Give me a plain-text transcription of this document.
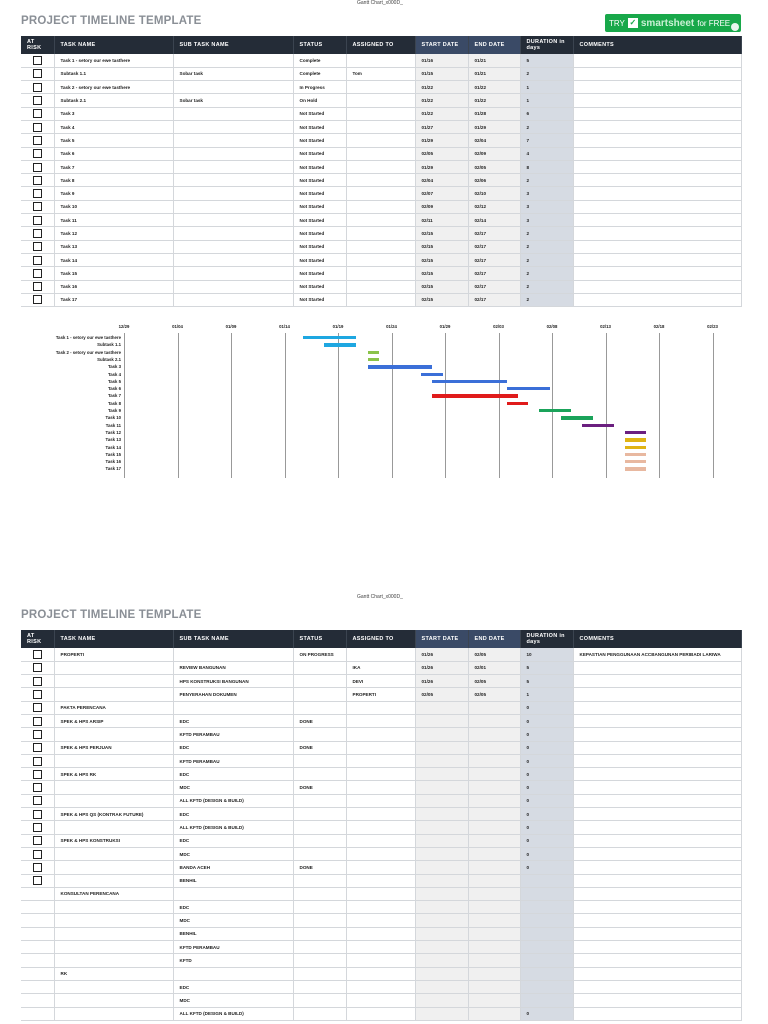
Gantt Chart_x000D_
PROJECT TIMELINE TEMPLATE	TRY ✓ smartsheet for FREE
AT RISK	TASK NAME	SUB TASK NAME	STATUS	ASSIGNED TO	START DATE	END DATE	DURATION in days	COMMENTS
	Task 1 - setory our ewe tasthere		Complete		01/16	01/21	5	
	Subtask 1.1	Sobar task	Complete	Tom	01/15	01/21	2	
	Task 2 - setory our ewe tasthere		In Progress		01/22	01/22	1	
	Subtask 2.1	Sobar task	On Hold		01/22	01/22	1	
	Task 3		Not Started		01/22	01/28	6	
	Task 4		Not Started		01/27	01/29	2	
	Task 5		Not Started		01/29	02/04	7	
	Task 6		Not Started		02/05	02/09	4	
	Task 7		Not Started		01/29	02/05	8	
	Task 8		Not Started		02/04	02/06	2	
	Task 9		Not Started		02/07	02/10	3	
	Task 10		Not Started		02/09	02/12	3	
	Task 11		Not Started		02/11	02/14	3	
	Task 12		Not Started		02/15	02/17	2	
	Task 13		Not Started		02/15	02/17	2	
	Task 14		Not Started		02/15	02/17	2	
	Task 15		Not Started		02/15	02/17	2	
	Task 16		Not Started		02/15	02/17	2	
	Task 17		Not Started		02/15	02/17	2	
12/29	01/04	01/09	01/14	01/19	01/24	01/29	02/03	02/08	02/13	02/18	02/23
Task 1 - setory our ewe tasthere
Subtask 1.1
Task 2 - setory our ewe tasthere
Subtask 2.1
Task 3
Task 4
Task 5
Task 6
Task 7
Task 8
Task 9
Task 10
Task 11
Task 12
Task 13
Task 14
Task 15
Task 16
Task 17
Gantt Chart_x000D_
PROJECT TIMELINE TEMPLATE
AT RISK	TASK NAME	SUB TASK NAME	STATUS	ASSIGNED TO	START DATE	END DATE	DURATION in days	COMMENTS
	PROPERTI		ON PROGRESS		01/26	02/05	10	KEPASTIAN PENGGUNAAN ACCBANGUNAN PERIBADI LARIWA
		REVIEW BANGUNAN		IKA	01/26	02/01	5	
		HPS KONSTRUKSI BANGUNAN		DEVI	01/26	02/05	5	
		PENYERAHAN DOKUMEN		PROPERTI	02/05	02/05	1	
	PAKTA PERENCANA						0	
	SPEK & HPS ARSIP	EDC	DONE				0	
		KFTD PERAMBAU					0	
	SPEK & HPS PERJUAN	EDC	DONE				0	
		KFTD PERAMBAU					0	
	SPEK & HPS RK	EDC					0	
		MDC	DONE				0	
		ALL KFTD (DESIGN & BUILD)					0	
	SPEK & HPS QS (KONTRAK FUTURE)	EDC					0	
		ALL KFTD (DESIGN & BUILD)					0	
	SPEK & HPS KONSTRUKSI	EDC					0	
		MDC					0	
		BANDA ACEH	DONE				0	
		BENHIL						
	KONSULTAN PERENCANA							
		EDC						
		MDC						
		BENHIL						
		KFTD PERAMBAU						
		KFTD						
	RK							
		EDC						
		MDC						
		ALL KFTD (DESIGN & BUILD)					0	
